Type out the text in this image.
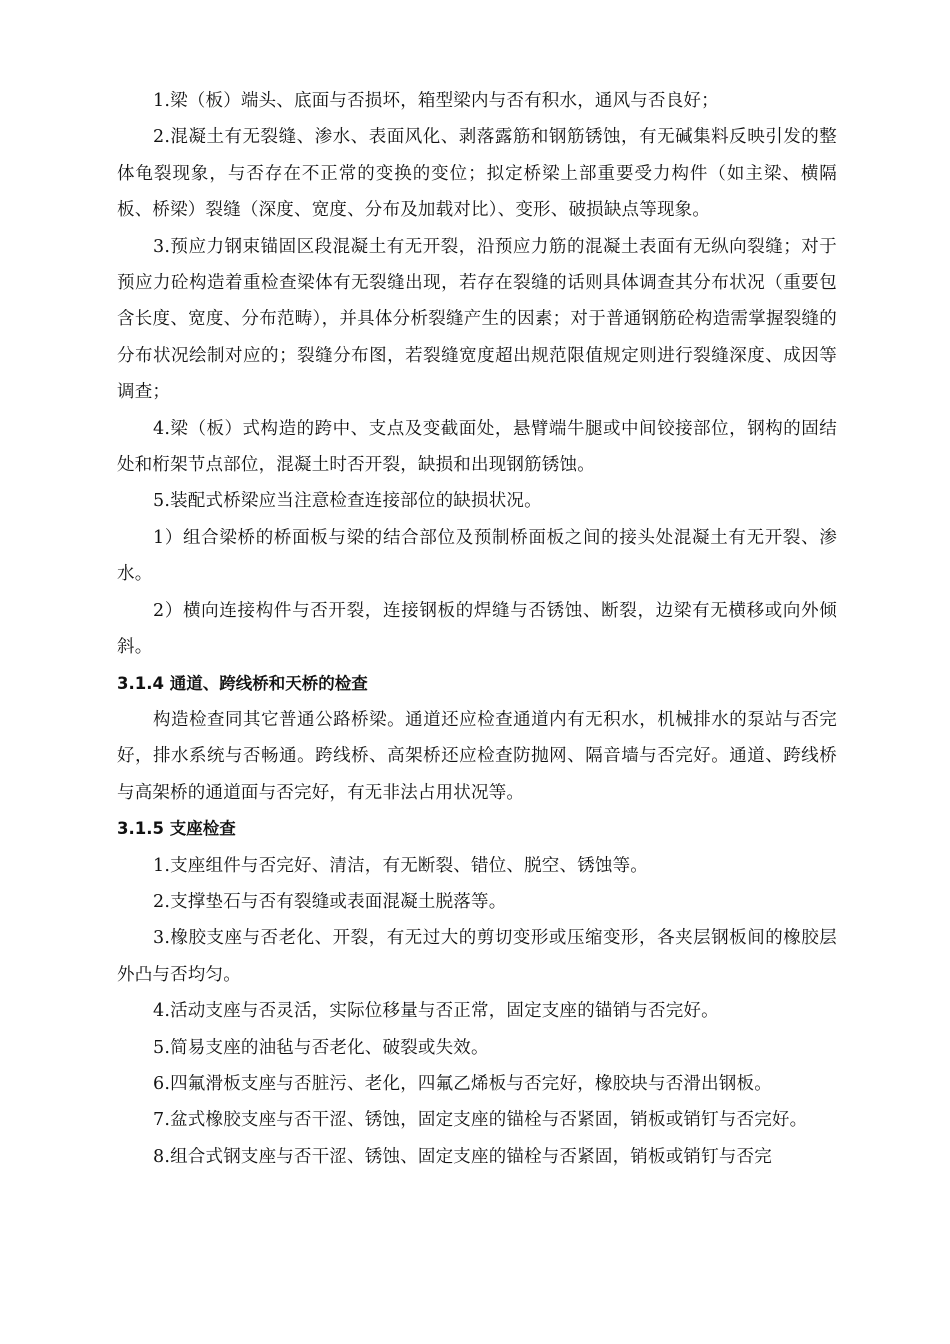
1.梁（板）端头、底面与否损坏，箱型梁内与否有积水，通风与否良好；

2.混凝土有无裂缝、渗水、表面风化、剥落露筋和钢筋锈蚀，有无碱集料反映引发的整体龟裂现象，与否存在不正常的变换的变位；拟定桥梁上部重要受力构件（如主梁、横隔板、桥梁）裂缝（深度、宽度、分布及加载对比）、变形、破损缺点等现象。

3.预应力钢束锚固区段混凝土有无开裂，沿预应力筋的混凝土表面有无纵向裂缝；对于预应力砼构造着重检查梁体有无裂缝出现，若存在裂缝的话则具体调查其分布状况（重要包含长度、宽度、分布范畴），并具体分析裂缝产生的因素；对于普通钢筋砼构造需掌握裂缝的分布状况绘制对应的；裂缝分布图，若裂缝宽度超出规范限值规定则进行裂缝深度、成因等调查；

4.梁（板）式构造的跨中、支点及变截面处，悬臂端牛腿或中间铰接部位，钢构的固结处和桁架节点部位，混凝土时否开裂，缺损和出现钢筋锈蚀。

5.装配式桥梁应当注意检查连接部位的缺损状况。

1）组合梁桥的桥面板与梁的结合部位及预制桥面板之间的接头处混凝土有无开裂、渗水。

2）横向连接构件与否开裂，连接钢板的焊缝与否锈蚀、断裂，边梁有无横移或向外倾斜。

3.1.4 通道、跨线桥和天桥的检查

构造检查同其它普通公路桥梁。通道还应检查通道内有无积水，机械排水的泵站与否完好，排水系统与否畅通。跨线桥、高架桥还应检查防抛网、隔音墙与否完好。通道、跨线桥与高架桥的通道面与否完好，有无非法占用状况等。

3.1.5 支座检查

1.支座组件与否完好、清洁，有无断裂、错位、脱空、锈蚀等。

2.支撑垫石与否有裂缝或表面混凝土脱落等。

3.橡胶支座与否老化、开裂，有无过大的剪切变形或压缩变形，各夹层钢板间的橡胶层外凸与否均匀。

4.活动支座与否灵活，实际位移量与否正常，固定支座的锚销与否完好。

5.简易支座的油毡与否老化、破裂或失效。

6.四氟滑板支座与否脏污、老化，四氟乙烯板与否完好，橡胶块与否滑出钢板。

7.盆式橡胶支座与否干涩、锈蚀，固定支座的锚栓与否紧固，销板或销钉与否完好。

8.组合式钢支座与否干涩、锈蚀、固定支座的锚栓与否紧固，销板或销钉与否完
